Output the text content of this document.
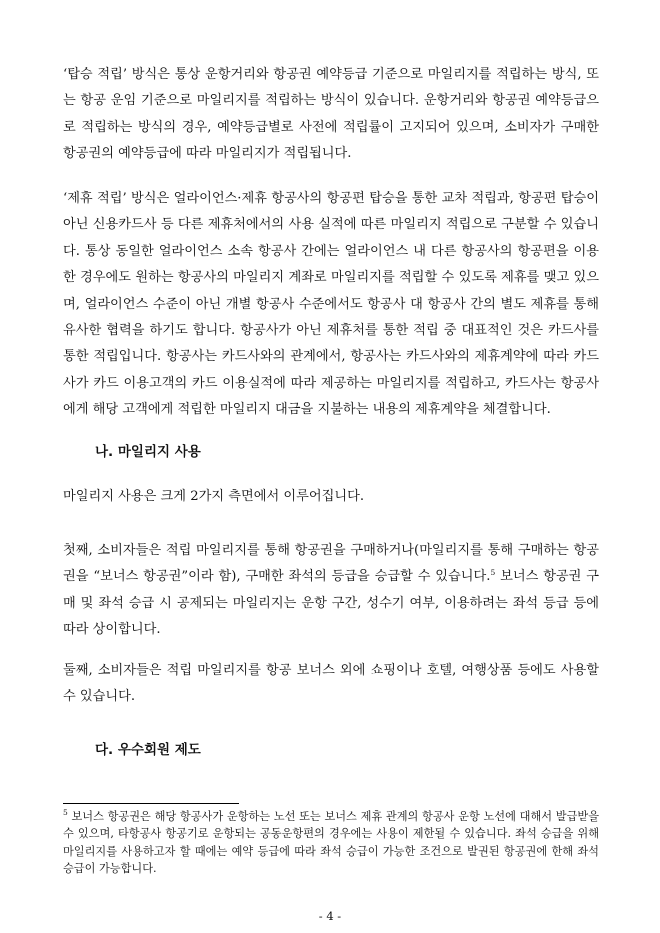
‘탑승 적립’ 방식은 통상 운항거리와 항공권 예약등급 기준으로 마일리지를 적립하는 방식, 또는 항공 운임 기준으로 마일리지를 적립하는 방식이 있습니다. 운항거리와 항공권 예약등급으로 적립하는 방식의 경우, 예약등급별로 사전에 적립률이 고지되어 있으며, 소비자가 구매한 항공권의 예약등급에 따라 마일리지가 적립됩니다.

‘제휴 적립’ 방식은 얼라이언스·제휴 항공사의 항공편 탑승을 통한 교차 적립과, 항공편 탑승이 아닌 신용카드사 등 다른 제휴처에서의 사용 실적에 따른 마일리지 적립으로 구분할 수 있습니다. 통상 동일한 얼라이언스 소속 항공사 간에는 얼라이언스 내 다른 항공사의 항공편을 이용한 경우에도 원하는 항공사의 마일리지 계좌로 마일리지를 적립할 수 있도록 제휴를 맺고 있으며, 얼라이언스 수준이 아닌 개별 항공사 수준에서도 항공사 대 항공사 간의 별도 제휴를 통해 유사한 협력을 하기도 합니다. 항공사가 아닌 제휴처를 통한 적립 중 대표적인 것은 카드사를 통한 적립입니다. 항공사는 카드사와의 관계에서, 항공사는 카드사와의 제휴계약에 따라 카드사가 카드 이용고객의 카드 이용실적에 따라 제공하는 마일리지를 적립하고, 카드사는 항공사에게 해당 고객에게 적립한 마일리지 대금을 지불하는 내용의 제휴계약을 체결합니다.

나. 마일리지 사용

마일리지 사용은 크게 2가지 측면에서 이루어집니다.

첫째, 소비자들은 적립 마일리지를 통해 항공권을 구매하거나(마일리지를 통해 구매하는 항공권을 “보너스 항공권”이라 함), 구매한 좌석의 등급을 승급할 수 있습니다.$^5$ 보너스 항공권 구매 및 좌석 승급 시 공제되는 마일리지는 운항 구간, 성수기 여부, 이용하려는 좌석 등급 등에 따라 상이합니다.

둘째, 소비자들은 적립 마일리지를 항공 보너스 외에 쇼핑이나 호텔, 여행상품 등에도 사용할 수 있습니다.

다. 우수회원 제도

$^5$ 보너스 항공권은 해당 항공사가 운항하는 노선 또는 보너스 제휴 관계의 항공사 운항 노선에 대해서 발급받을 수 있으며, 타항공사 항공기로 운항되는 공동운항편의 경우에는 사용이 제한될 수 있습니다. 좌석 승급을 위해 마일리지를 사용하고자 할 때에는 예약 등급에 따라 좌석 승급이 가능한 조건으로 발권된 항공권에 한해 좌석 승급이 가능합니다.

- 4 -
